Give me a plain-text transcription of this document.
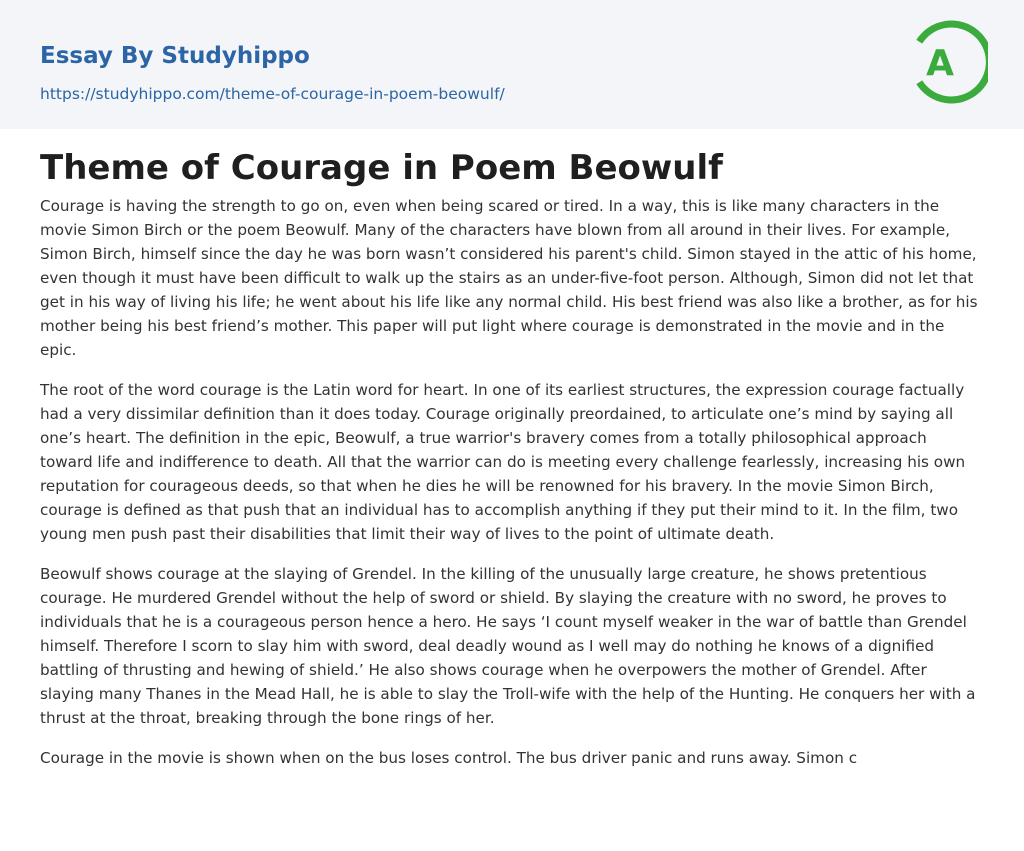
Essay By Studyhippo
https://studyhippo.com/theme-of-courage-in-poem-beowulf/
A
Theme of Courage in Poem Beowulf

Courage is having the strength to go on, even when being scared or tired. In a way, this is like many characters in the movie Simon Birch or the poem Beowulf. Many of the characters have blown from all around in their lives. For example, Simon Birch, himself since the day he was born wasn’t considered his parent's child. Simon stayed in the attic of his home, even though it must have been difficult to walk up the stairs as an under-five-foot person. Although, Simon did not let that get in his way of living his life; he went about his life like any normal child. His best friend was also like a brother, as for his mother being his best friend’s mother. This paper will put light where courage is demonstrated in the movie and in the epic.

The root of the word courage is the Latin word for heart. In one of its earliest structures, the expression courage factually had a very dissimilar definition than it does today. Courage originally preordained, to articulate one’s mind by saying all one’s heart. The definition in the epic, Beowulf, a true warrior's bravery comes from a totally philosophical approach toward life and indifference to death. All that the warrior can do is meeting every challenge fearlessly, increasing his own reputation for courageous deeds, so that when he dies he will be renowned for his bravery. In the movie Simon Birch, courage is defined as that push that an individual has to accomplish anything if they put their mind to it. In the film, two young men push past their disabilities that limit their way of lives to the point of ultimate death.

Beowulf shows courage at the slaying of Grendel. In the killing of the unusually large creature, he shows pretentious courage. He murdered Grendel without the help of sword or shield. By slaying the creature with no sword, he proves to individuals that he is a courageous person hence a hero. He says ‘I count myself weaker in the war of battle than Grendel himself. Therefore I scorn to slay him with sword, deal deadly wound as I well may do nothing he knows of a dignified battling of thrusting and hewing of shield.’ He also shows courage when he overpowers the mother of Grendel. After slaying many Thanes in the Mead Hall, he is able to slay the Troll-wife with the help of the Hunting. He conquers her with a thrust at the throat, breaking through the bone rings of her.

Courage in the movie is shown when on the bus loses control. The bus driver panic and runs away. Simon c
